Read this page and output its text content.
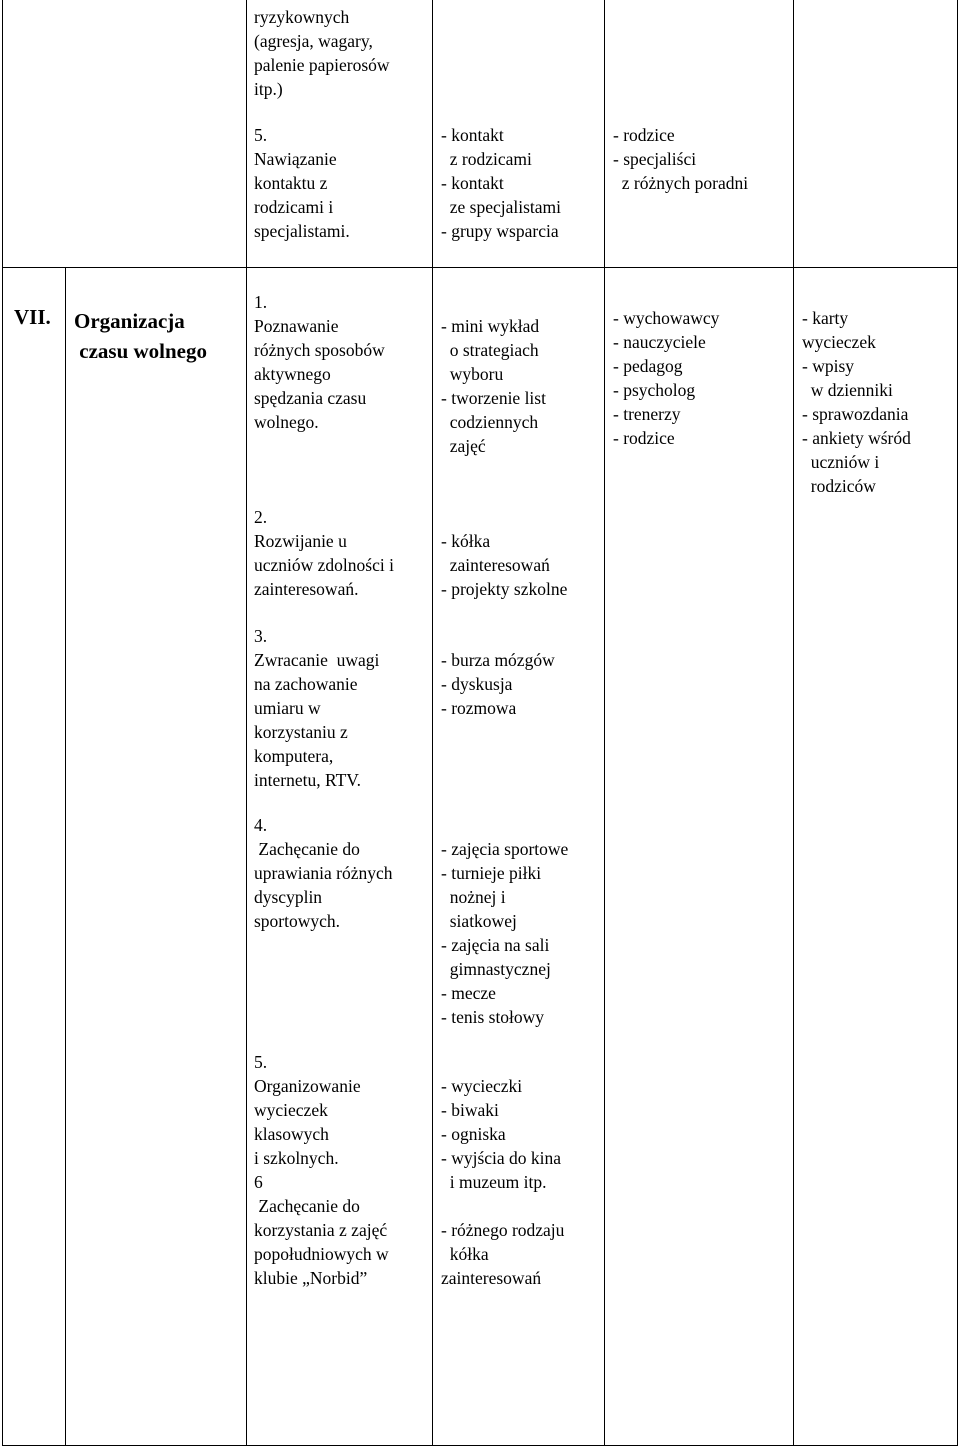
ryzykownych
(agresja, wagary,
palenie papierosów
itp.)
5.
Nawiązanie
kontaktu z
rodzicami i
specjalistami.
- kontakt
z rodzicami
- kontakt
ze specjalistami
- grupy wsparcia
- rodzice
- specjaliści
z różnych poradni
VII. Organizacja
czasu wolnego
1.
Poznawanie
różnych sposobów
aktywnego
spędzania czasu
wolnego.
2.
Rozwijanie u
uczniów zdolności i
zainteresowań.
3.
Zwracanie  uwagi
na zachowanie
umiaru w
korzystaniu z
komputera,
internetu, RTV.
4.
Zachęcanie do
uprawiania różnych
dyscyplin
sportowych.
5.
Organizowanie
wycieczek
klasowych
i szkolnych.
6
Zachęcanie do
korzystania z zajęć
popołudniowych w
klubie „Norbid”
- mini wykład
o strategiach
wyboru
- tworzenie list
codziennych
zajęć
- kółka
zainteresowań
- projekty szkolne
- burza mózgów
- dyskusja
- rozmowa
- zajęcia sportowe
- turnieje piłki
nożnej i
siatkowej
- zajęcia na sali
gimnastycznej
- mecze
- tenis stołowy
- wycieczki
- biwaki
- ogniska
- wyjścia do kina
i muzeum itp.

- różnego rodzaju
kółka
zainteresowań
- wychowawcy
- nauczyciele
- pedagog
- psycholog
- trenerzy
- rodzice
- karty
wycieczek
- wpisy
w dzienniki
- sprawozdania
- ankiety wśród
uczniów i
rodziców
